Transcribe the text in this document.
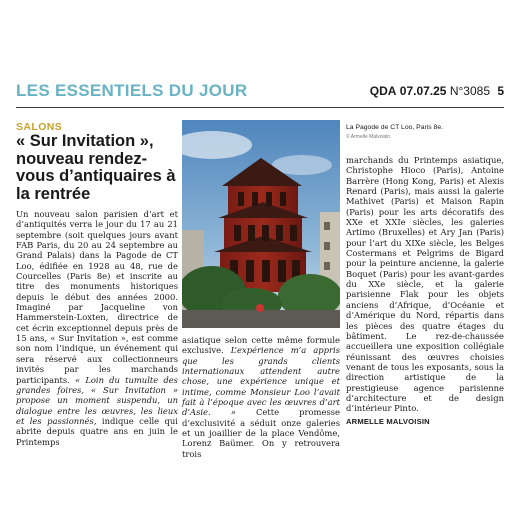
LES ESSENTIELS DU JOUR	QDA 07.07.25 N°3085 5
SALONS
« Sur Invitation », nouveau rendez-vous d’antiquaires à la rentrée

Un nouveau salon parisien d’art et d’antiquités verra le jour du 17 au 21 septembre (soit quelques jours avant FAB Paris, du 20 au 24 septembre au Grand Palais) dans la Pagode de CT Loo, édifiée en 1928 au 48, rue de Courcelles (Paris 8e) et inscrite au titre des monuments historiques depuis le début des années 2000. Imaginé par Jacqueline von Hammerstein-Loxten, directrice de cet écrin exceptionnel depuis près de 15 ans, « Sur Invitation », est comme son nom l’indique, un événement qui sera réservé aux collectionneurs invités par les marchands participants. « Loin du tumulte des grandes foires, « Sur Invitation » propose un moment suspendu, un dialogue entre les œuvres, les lieux et les passionnés, indique celle qui abrite depuis quatre ans en juin le Printemps

La Pagode de CT Loo, Paris 8e.
© Armelle Malvoisin.

asiatique selon cette même formule exclusive. L’expérience m’a appris que les grands clients internationaux attendent autre chose, une expérience unique et intime, comme Monsieur Loo l’avait fait à l’époque avec les œuvres d’art d’Asie. » Cette promesse d’exclusivité a séduit onze galeries et un joaillier de la place Vendôme, Lorenz Baümer. On y retrouvera trois

marchands du Printemps asiatique, Christophe Hioco (Paris), Antoine Barrère (Hong Kong, Paris) et Alexis Renard (Paris), mais aussi la galerie Mathivet (Paris) et Maison Rapin (Paris) pour les arts décoratifs des XXe et XXIe siècles, les galeries Artimo (Bruxelles) et Ary Jan (Paris) pour l’art du XIXe siècle, les Belges Costermans et Pelgrims de Bigard pour la peinture ancienne, la galerie Boquet (Paris) pour les avant-gardes du XXe siècle, et la galerie parisienne Flak pour les objets anciens d’Afrique, d’Océanie et d’Amérique du Nord, répartis dans les pièces des quatre étages du bâtiment. Le rez-de-chaussée accueillera une exposition collégiale réunissant des œuvres choisies venant de tous les exposants, sous la direction artistique de la prestigieuse agence parisienne d’architecture et de design d’intérieur Pinto.

ARMELLE MALVOISIN
